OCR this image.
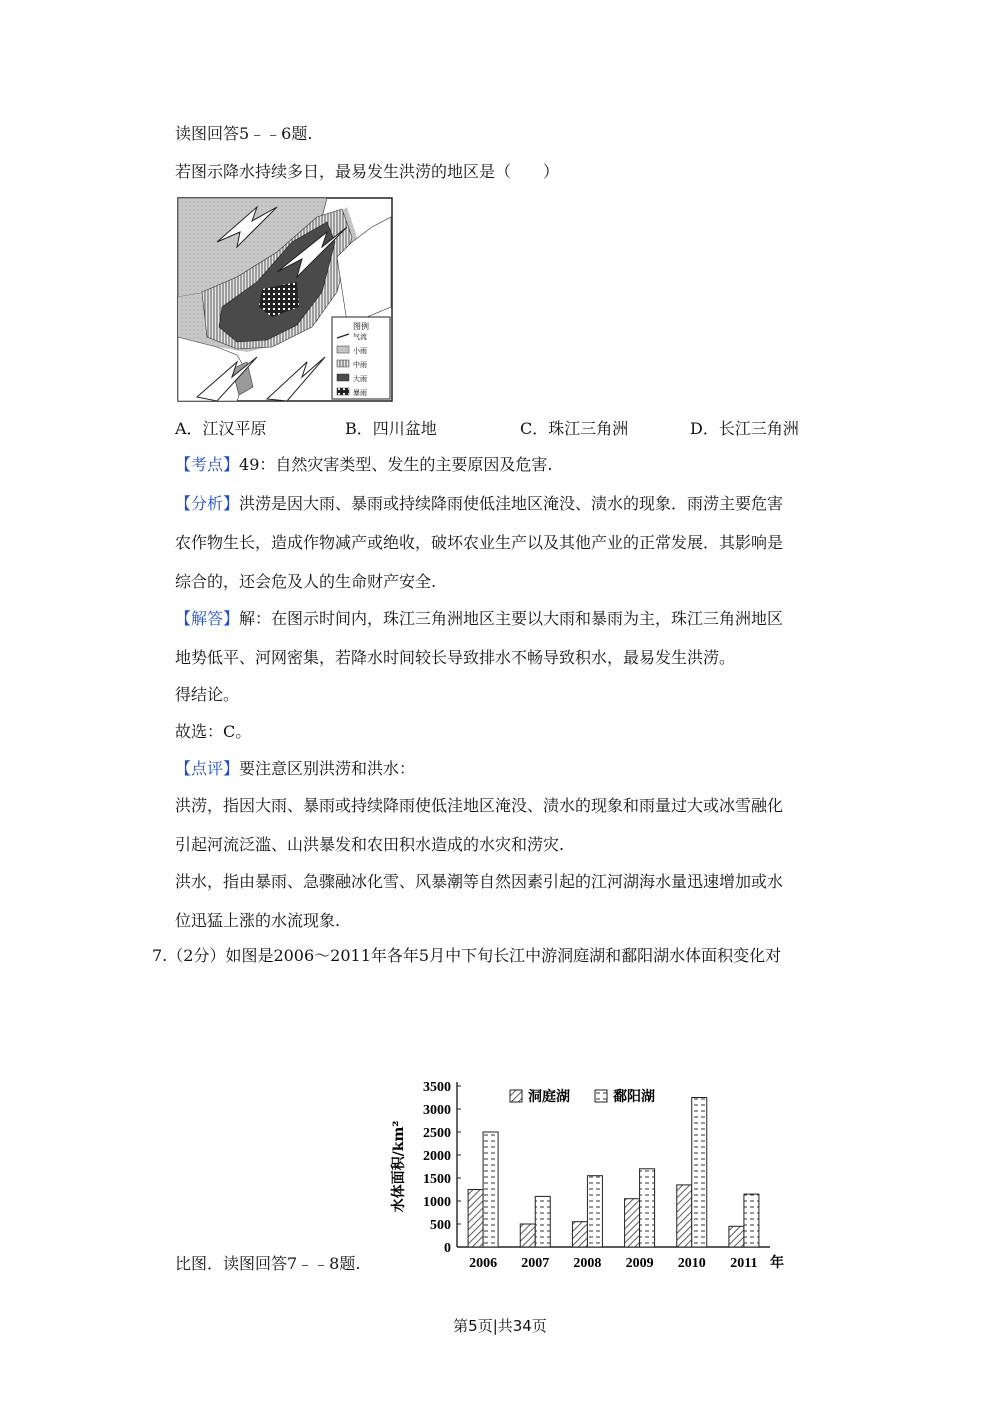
读图回答5﹣﹣6题.
若图示降水持续多日，最易发生洪涝的地区是（　　）
图例
气流
小雨
中雨
大雨
暴雨
A．江汉平原	B．四川盆地	C．珠江三角洲	D．长江三角洲
【考点】49：自然灾害类型、发生的主要原因及危害.
【分析】洪涝是因大雨、暴雨或持续降雨使低洼地区淹没、渍水的现象．雨涝主要危害
农作物生长，造成作物减产或绝收，破坏农业生产以及其他产业的正常发展．其影响是
综合的，还会危及人的生命财产安全.
【解答】解：在图示时间内，珠江三角洲地区主要以大雨和暴雨为主，珠江三角洲地区
地势低平、河网密集，若降水时间较长导致排水不畅导致积水，最易发生洪涝。
得结论。
故选：C。
【点评】要注意区别洪涝和洪水：
洪涝，指因大雨、暴雨或持续降雨使低洼地区淹没、渍水的现象和雨量过大或冰雪融化
引起河流泛滥、山洪暴发和农田积水造成的水灾和涝灾.
洪水，指由暴雨、急骤融冰化雪、风暴潮等自然因素引起的江河湖海水量迅速增加或水
位迅猛上涨的水流现象.
7.（2分）如图是2006～2011年各年5月中下旬长江中游洞庭湖和鄱阳湖水体面积变化对
0
500
1000
1500
2000
2500
3000
3500
水体面积/km²
2006 2007 2008 2009 2010 2011 年
洞庭湖	鄱阳湖
比图．读图回答7﹣﹣8题.
第5页|共34页
